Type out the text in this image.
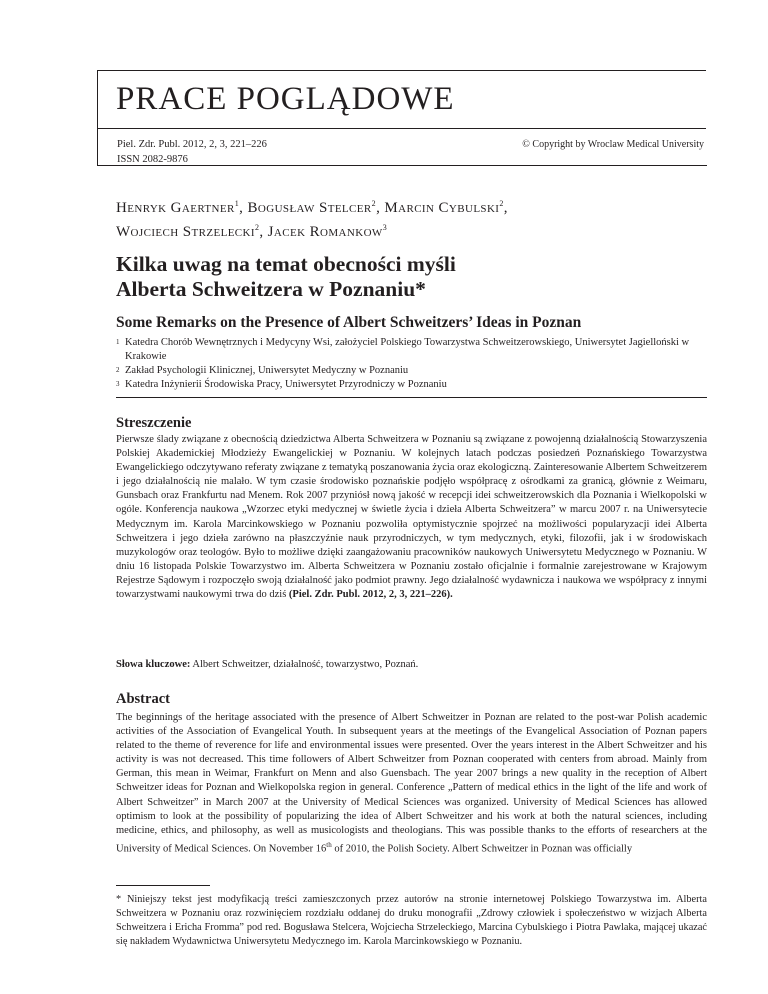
PRACE POGLĄDOWE
Piel. Zdr. Publ. 2012, 2, 3, 221–226
ISSN 2082-9876
© Copyright by Wroclaw Medical University
Henryk Gaertner$^1$, Bogusław Stelcer$^2$, Marcin Cybulski$^2$,
Wojciech Strzelecki$^2$, Jacek Romankow$^3$
Kilka uwag na temat obecności myśli
Alberta Schweitzera w Poznaniu*
Some Remarks on the Presence of Albert Schweitzers’ Ideas in Poznan
1 Katedra Chorób Wewnętrznych i Medycyny Wsi, założyciel Polskiego Towarzystwa Schweitzerowskiego, Uniwersytet Jagielloński w Krakowie
2 Zakład Psychologii Klinicznej, Uniwersytet Medyczny w Poznaniu
3 Katedra Inżynierii Środowiska Pracy, Uniwersytet Przyrodniczy w Poznaniu
Streszczenie

Pierwsze ślady związane z obecnością dziedzictwa Alberta Schweitzera w Poznaniu są związane z powojenną działalnością Stowarzyszenia Polskiej Akademickiej Młodzieży Ewangelickiej w Poznaniu. W kolejnych latach podczas posiedzeń Poznańskiego Towarzystwa Ewangelickiego odczytywano referaty związane z tematyką poszanowania życia oraz ekologiczną. Zainteresowanie Albertem Schweitzerem i jego działalnością nie malało. W tym czasie środowisko poznańskie podjęło współpracę z ośrodkami za granicą, głównie z Weimaru, Gunsbach oraz Frankfurtu nad Menem. Rok 2007 przyniósł nową jakość w recepcji idei schweitzerowskich dla Poznania i Wielkopolski w ogóle. Konferencja naukowa „Wzorzec etyki medycznej w świetle życia i dzieła Alberta Schweitzera” w marcu 2007 r. na Uniwersytecie Medycznym im. Karola Marcinkowskiego w Poznaniu pozwoliła optymistycznie spojrzeć na możliwości popularyzacji idei Alberta Schweitzera i jego dzieła zarówno na płaszczyźnie nauk przyrodniczych, w tym medycznych, etyki, filozofii, jak i w środowiskach muzykologów oraz teologów. Było to możliwe dzięki zaangażowaniu pracowników naukowych Uniwersytetu Medycznego w Poznaniu. W dniu 16 listopada Polskie Towarzystwo im. Alberta Schweitzera w Poznaniu zostało oficjalnie i formalnie zarejestrowane w Krajowym Rejestrze Sądowym i rozpoczęło swoją działalność jako podmiot prawny. Jego działalność wydawnicza i naukowa we współpracy z innymi towarzystwami naukowymi trwa do dziś (Piel. Zdr. Publ. 2012, 2, 3, 221–226).

Słowa kluczowe: Albert Schweitzer, działalność, towarzystwo, Poznań.
Abstract

The beginnings of the heritage associated with the presence of Albert Schweitzer in Poznan are related to the post-war Polish academic activities of the Association of Evangelical Youth. In subsequent years at the meetings of the Evangelical Association of Poznan papers related to the theme of reverence for life and environmental issues were presented. Over the years interest in the Albert Schweitzer and his activity is was not decreased. This time followers of Albert Schweitzer from Poznan cooperated with centers from abroad. Mainly from German, this mean in Weimar, Frankfurt on Menn and also Guensbach. The year 2007 brings a new quality in the reception of Albert Schweitzer ideas for Poznan and Wielkopolska region in general. Conference „Pattern of medical ethics in the light of the life and work of Albert Schweitzer” in March 2007 at the University of Medical Sciences was organized. University of Medical Sciences has allowed optimism to look at the possibility of popularizing the idea of Albert Schweitzer and his work at both the natural sciences, including medicine, ethics, and philosophy, as well as musicologists and theologians. This was possible thanks to the efforts of researchers at the University of Medical Sciences. On November 16th of 2010, the Polish Society. Albert Schweitzer in Poznan was officially

* Niniejszy tekst jest modyfikacją treści zamieszczonych przez autorów na stronie internetowej Polskiego Towarzystwa im. Alberta Schweitzera w Poznaniu oraz rozwinięciem rozdziału oddanej do druku monografii „Zdrowy człowiek i społeczeństwo w wizjach Alberta Schweitzera i Ericha Fromma” pod red. Bogusława Stelcera, Wojciecha Strzeleckiego, Marcina Cybulskiego i Piotra Pawlaka, mającej ukazać się nakładem Wydawnictwa Uniwersytetu Medycznego im. Karola Marcinkowskiego w Poznaniu.
